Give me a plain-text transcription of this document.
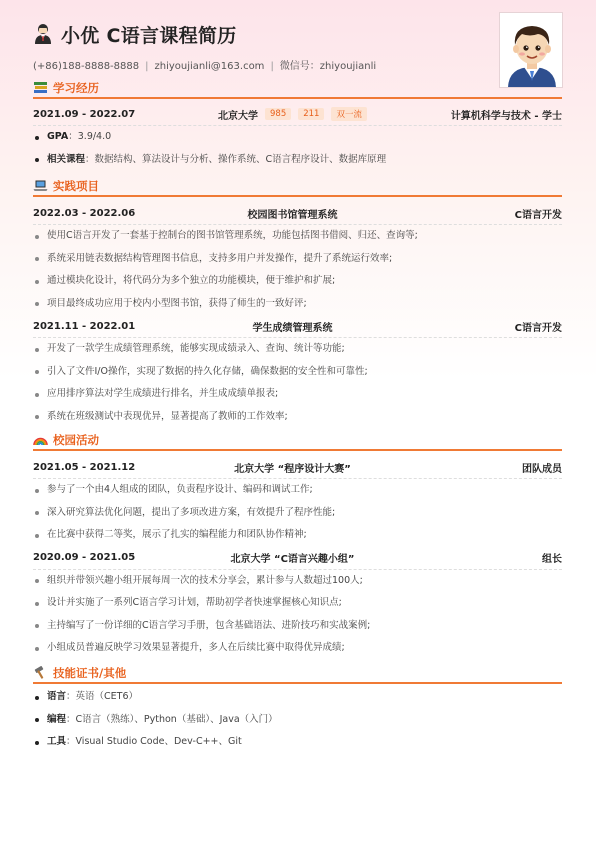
小优 C语言课程简历
(+86)188-8888-8888 | zhiyoujianli@163.com | 微信号：zhiyoujianli
学习经历
2021.09 - 2022.07	北京大学	985	211	双一流	计算机科学与技术 - 学士
GPA：3.9/4.0
相关课程：数据结构、算法设计与分析、操作系统、C语言程序设计、数据库原理
实践项目
2022.03 - 2022.06	校园图书馆管理系统	C语言开发
使用C语言开发了一套基于控制台的图书馆管理系统，功能包括图书借阅、归还、查询等;
系统采用链表数据结构管理图书信息，支持多用户并发操作，提升了系统运行效率;
通过模块化设计，将代码分为多个独立的功能模块，便于维护和扩展;
项目最终成功应用于校内小型图书馆，获得了师生的一致好评;
2021.11 - 2022.01	学生成绩管理系统	C语言开发
开发了一款学生成绩管理系统，能够实现成绩录入、查询、统计等功能;
引入了文件I/O操作，实现了数据的持久化存储，确保数据的安全性和可靠性;
应用排序算法对学生成绩进行排名，并生成成绩单报表;
系统在班级测试中表现优异，显著提高了教师的工作效率;
校园活动
2021.05 - 2021.12	北京大学 “程序设计大赛”	团队成员
参与了一个由4人组成的团队，负责程序设计、编码和调试工作;
深入研究算法优化问题，提出了多项改进方案，有效提升了程序性能;
在比赛中获得二等奖，展示了扎实的编程能力和团队协作精神;
2020.09 - 2021.05	北京大学 “C语言兴趣小组”	组长
组织并带领兴趣小组开展每周一次的技术分享会，累计参与人数超过100人;
设计并实施了一系列C语言学习计划，帮助初学者快速掌握核心知识点;
主持编写了一份详细的C语言学习手册，包含基础语法、进阶技巧和实战案例;
小组成员普遍反映学习效果显著提升，多人在后续比赛中取得优异成绩;
技能证书/其他
语言：英语（CET6）
编程：C语言（熟练）、Python（基础）、Java（入门）
工具：Visual Studio Code、Dev-C++、Git
